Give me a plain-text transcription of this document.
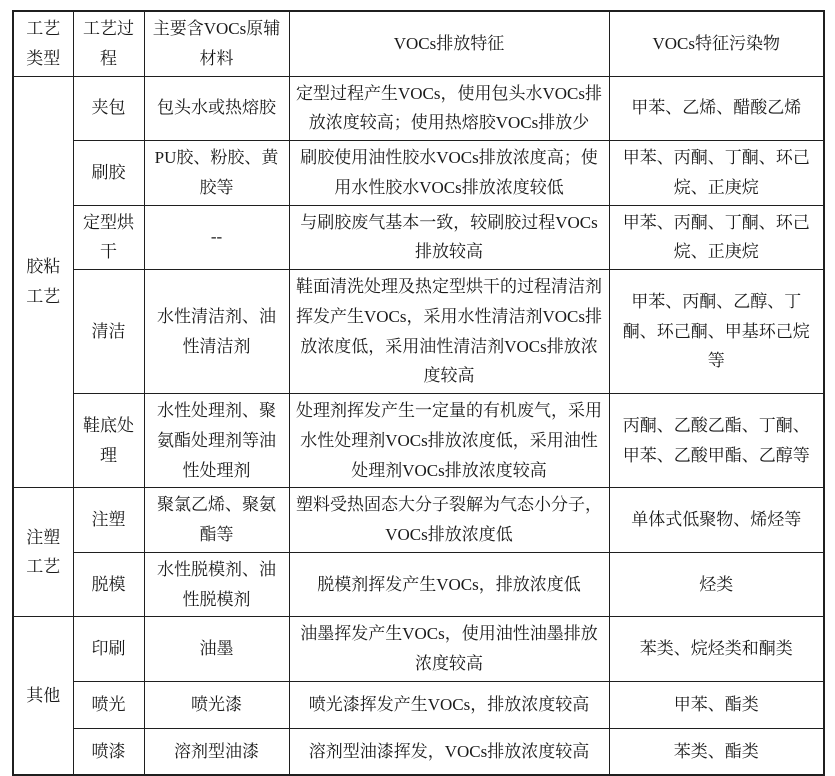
工艺类型	工艺过程	主要含VOCs原辅材料	VOCs排放特征	VOCs特征污染物
胶粘工艺	夹包	包头水或热熔胶	定型过程产生VOCs，使用包头水VOCs排放浓度较高；使用热熔胶VOCs排放少	甲苯、乙烯、醋酸乙烯
	刷胶	PU胶、粉胶、黄胶等	刷胶使用油性胶水VOCs排放浓度高；使用水性胶水VOCs排放浓度较低	甲苯、丙酮、丁酮、环己烷、正庚烷
	定型烘干	--	与刷胶废气基本一致，较刷胶过程VOCs排放较高	甲苯、丙酮、丁酮、环己烷、正庚烷
	清洁	水性清洁剂、油性清洁剂	鞋面清洗处理及热定型烘干的过程清洁剂挥发产生VOCs，采用水性清洁剂VOCs排放浓度低，采用油性清洁剂VOCs排放浓度较高	甲苯、丙酮、乙醇、丁酮、环己酮、甲基环己烷等
	鞋底处理	水性处理剂、聚氨酯处理剂等油性处理剂	处理剂挥发产生一定量的有机废气，采用水性处理剂VOCs排放浓度低，采用油性处理剂VOCs排放浓度较高	丙酮、乙酸乙酯、丁酮、甲苯、乙酸甲酯、乙醇等
注塑工艺	注塑	聚氯乙烯、聚氨酯等	塑料受热固态大分子裂解为气态小分子，VOCs排放浓度低	单体式低聚物、烯烃等
	脱模	水性脱模剂、油性脱模剂	脱模剂挥发产生VOCs，排放浓度低	烃类
其他	印刷	油墨	油墨挥发产生VOCs，使用油性油墨排放浓度较高	苯类、烷烃类和酮类
	喷光	喷光漆	喷光漆挥发产生VOCs，排放浓度较高	甲苯、酯类
	喷漆	溶剂型油漆	溶剂型油漆挥发，VOCs排放浓度较高	苯类、酯类
